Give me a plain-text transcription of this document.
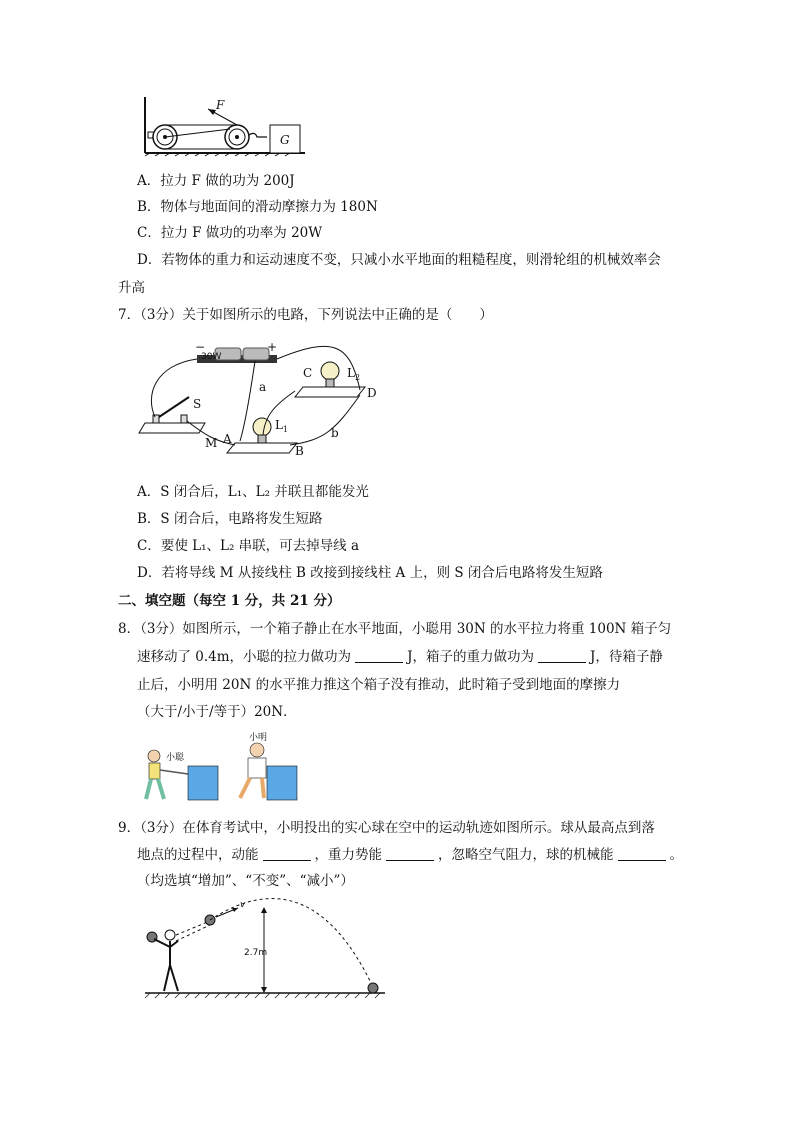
G
F
A．拉力 F 做的功为 200J
B．物体与地面间的滑动摩擦力为 180N
C．拉力 F 做功的功率为 20W
D．若物体的重力和运动速度不变，只减小水平地面的粗糙程度，则滑轮组的机械效率会
升高
7．（3分）关于如图所示的电路，下列说法中正确的是（　　）
30W
−	+
S
$L_1$
A
B
M
$L_2$
C
D
a
b
A．S 闭合后，L₁、L₂ 并联且都能发光
B．S 闭合后，电路将发生短路
C．要使 L₁、L₂ 串联，可去掉导线 a
D．若将导线 M 从接线柱 B 改接到接线柱 A 上，则 S 闭合后电路将发生短路
二、填空题（每空 1 分，共 21 分）
8．（3分）如图所示，一个箱子静止在水平地面，小聪用 30N 的水平拉力将重 100N 箱子匀
速移动了 0.4m，小聪的拉力做功为	J，箱子的重力做功为	J，待箱子静
止后，小明用 20N 的水平推力推这个箱子没有推动，此时箱子受到地面的摩擦力
（大于/小于/等于）20N．
小聪
小明
9．（3分）在体育考试中，小明投出的实心球在空中的运动轨迹如图所示。球从最高点到落
地点的过程中，动能	，重力势能	，忽略空气阻力，球的机械能	。
（均选填“增加”、“不变”、“减小”）
v
2.7m
